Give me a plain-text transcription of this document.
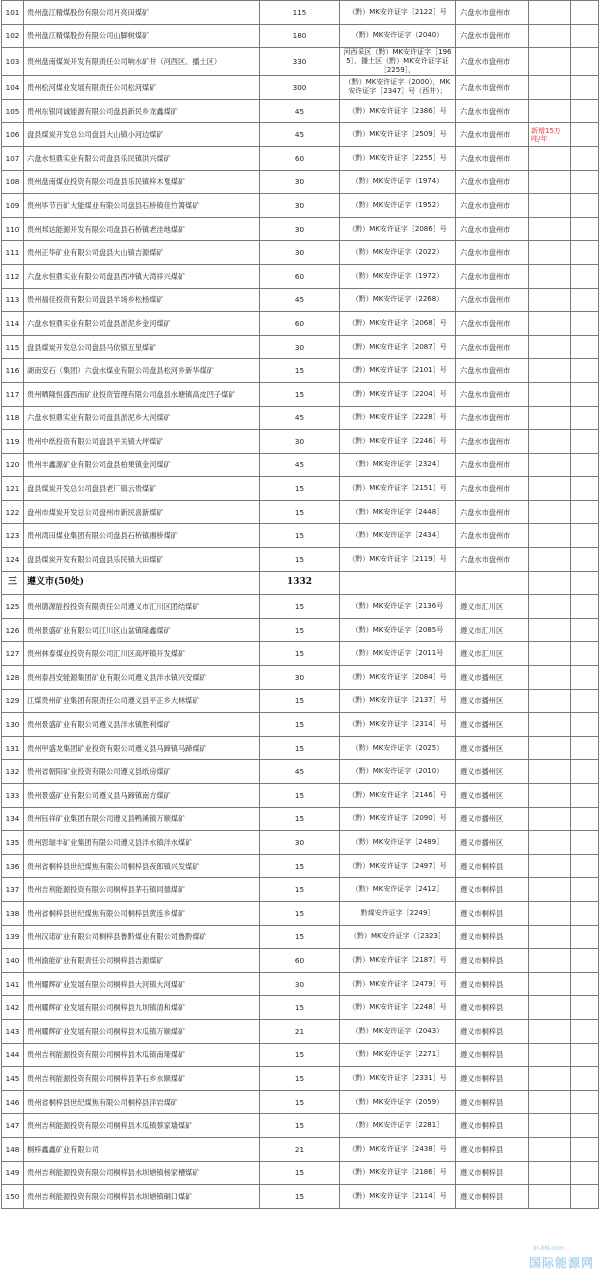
101	贵州盘江精煤股份有限公司月亮田煤矿	115	（黔）MK安许证字［2122］号	六盘水市盘州市		
102	贵州盘江精煤股份有限公司山脚树煤矿	180	（黔）MK安许证字（2040）	六盘水市盘州市		
103	贵州盘南煤炭开发有限责任公司响水矿井（河西区、播土区）	330	河西采区（黔）MK安许证字［1965］，播土区（黔）MK安许证字证［2259］，	六盘水市盘州市		
104	贵州松河煤业发展有限责任公司松河煤矿	300	（黔）MK安许证字（2000），MK安许证字［2347］号（西井）；	六盘水市盘州市		
105	贵州东银同诚能源有限公司盘县新民乡龙鑫煤矿	45	（黔）MK安许证字［2386］号	六盘水市盘州市		
106	盘县煤炭开发总公司盘县大山镇小河边煤矿	45	（黔）MK安许证字［2509］号	六盘水市盘州市	新增15万吨/年	
107	六盘水恒鼎实业有限公司盘县乐民镇洪兴煤矿	60	（黔）MK安许证字［2255］号	六盘水市盘州市		
108	贵州盘南煤业投资有限公司盘县乐民镇梓木戛煤矿	30	（黔）MK安许证字（1974）	六盘水市盘州市		
109	贵州毕节百矿大能煤业有限公司盘县石桥镇佳竹箐煤矿	30	（黔）MK安许证字（1952）	六盘水市盘州市		
110	贵州邦达能源开发有限公司盘县石桥镇老洼地煤矿	30	（黔）MK安许证字［2086］号	六盘水市盘州市		
111	贵州正华矿业有限公司盘县大山镇吉源煤矿	30	（黔）MK安许证字（2022）	六盘水市盘州市		
112	六盘水恒鼎实业有限公司盘县西冲镇大湾祥兴煤矿	60	（黔）MK安许证字（1972）	六盘水市盘州市		
113	贵州福佳投资有限公司盘县羊场乡松杨煤矿	45	（黔）MK安许证字（2268）	六盘水市盘州市		
114	六盘水恒鼎实业有限公司盘县淤泥乡金河煤矿	60	（黔）MK安许证字［2068］号	六盘水市盘州市		
115	盘县煤炭开发总公司盘县马依镇五星煤矿	30	（黔）MK安许证字［2087］号	六盘水市盘州市		
116	湖南安石（集团）六盘水煤业有限公司盘县松河乡新华煤矿	15	（黔）MK安许证字［2101］号	六盘水市盘州市		
117	贵州晒隆恒盛西南矿业投资管理有限公司盘县水塘镇高皮凹子煤矿	15	（黔）MK安许证字［2204］号	六盘水市盘州市		
118	六盘水恒鼎实业有限公司盘县淤泥乡大河煤矿	45	（黔）MK安许证字［2228］号	六盘水市盘州市		
119	贵州中纸投资有限公司盘县平关镇大坪煤矿	30	（黔）MK安许证字［2246］号	六盘水市盘州市		
120	贵州丰鑫源矿业有限公司盘县柏果镇金河煤矿	45	（黔）MK安许证字［2324］	六盘水市盘州市		
121	盘县煤炭开发总公司盘县老厂镇云贵煤矿	15	（黔）MK安许证字［2151］号	六盘水市盘州市		
122	盘州市煤炭开发总公司盘州市新民喜新煤矿	15	（黔）MK安许证字［2448］	六盘水市盘州市		
123	贵州湾田煤业集团有限公司盘县石桥镇湘桥煤矿	15	（黔）MK安许证字［2434］	六盘水市盘州市		
124	盘县煤炭开发有限公司盘县乐民镇大田煤矿	15	（黔）MK安许证字［2119］号	六盘水市盘州市		
三	遵义市(50处)	1332				
125	贵州德源能投投资有限责任公司遵义市汇川区团结煤矿	15	（黔）MK安许证字［2136号	遵义市汇川区		
126	贵州景盛矿业有限公司江川区山盆镇隆鑫煤矿	15	（黔）MK安许证字［2085号	遵义市汇川区		
127	贵州林泰煤业投资有限公司汇川区高坪镇开发煤矿	15	（黔）MK安许证字［2011号	遵义市汇川区		
128	贵州泰昌安能源集团矿业有限公司遵义县泮水镇兴安煤矿	30	（黔）MK安许证字［2084］号	遵义市播州区		
129	江煤贵州矿业集团有限责任公司遵义县平正乡大林煤矿	15	（黔）MK安许证字［2137］号	遵义市播州区		
130	贵州景盛矿业有限公司遵义县泮水镇胜利煤矿	15	（黔）MK安许证字［2314］号	遵义市播州区		
131	贵州甲盛龙集团矿业投资有限公司遵义县马蹄镇马蹄煤矿	15	（黔）MK安许证字（2025）	遵义市播州区		
132	贵州省朝阳矿业投资有限公司遵义县纸房煤矿	45	（黔）MK安许证字（2010）	遵义市播州区		
133	贵州景盛矿业有限公司遵义县马蹄镇南方煤矿	15	（黔）MK安许证字［2146］号	遵义市播州区		
134	贵州钰祥矿业集团有限公司遵义县鸭溪镇万顺煤矿	15	（黔）MK安许证字［2090］号	遵义市播州区		
135	贵州思瑞丰矿业集团有限公司遵义县泮水镇泮水煤矿	30	（黔）MK安许证字［2489］	遵义市播州区		
136	贵州省桐梓县世纪煤焦有限公司桐梓县夜郎镇兴发煤矿	15	（黔）MK安许证字［2497］号	遵义市桐梓县		
137	贵州吉利能源投资有限公司桐梓县茅石镇同德煤矿	15	（黔）MK安许证字［2412］	遵义市桐梓县		
138	贵州省桐梓县世纪煤焦有限公司桐梓县黄连乡煤矿	15	黔煤安许证字［2249］	遵义市桐梓县		
139	贵州汉诺矿业有限公司桐梓县鲁黔煤业有限公司鲁黔煤矿	15	（黔）MK安许证字（［2323］	遵义市桐梓县		
140	贵州渝能矿业有限责任公司桐梓县吉源煤矿	60	（黔）MK安许证字［2187］号	遵义市桐梓县		
141	贵州耀辉矿业发展有限公司桐梓县大河镇大河煤矿	30	（黔）MK安许证字［2479］号	遵义市桐梓县		
142	贵州耀辉矿业发展有限公司桐梓县九坝镇清和煤矿	15	（黔）MK安许证字［2248］号	遵义市桐梓县		
143	贵州耀辉矿业发展有限公司桐梓县木瓜镇万顺煤矿	21	（黔）MK安许证字（2043）	遵义市桐梓县		
144	贵州吉利能源投资有限公司桐梓县木瓜镇南垭煤矿	15	（黔）MK安许证字［2271］	遵义市桐梓县		
145	贵州吉利能源投资有限公司桐梓县茅石乡水顺煤矿	15	（黔）MK安许证字［2331］号	遵义市桐梓县		
146	贵州省桐梓县世纪煤焦有限公司桐梓县洋岩煤矿	15	（黔）MK安许证字（2059）	遵义市桐梓县		
147	贵州吉利能源投资有限公司桐梓县木瓜镇蔡家墙煤矿	15	（黔）MK安许证字［2281］	遵义市桐梓县		
148	桐梓鑫鑫矿业有限公司	21	（黔）MK安许证字［2438］号	遵义市桐梓县		
149	贵州吉利能源投资有限公司桐梓县水坝塘镇杨家槽煤矿	15	（黔）MK安许证字［2186］号	遵义市桐梓县		
150	贵州吉利能源投资有限公司桐梓县水坝塘镇硐口煤矿	15	（黔）MK安许证字［2114］号	遵义市桐梓县		
In-EN.com
国际能源网
